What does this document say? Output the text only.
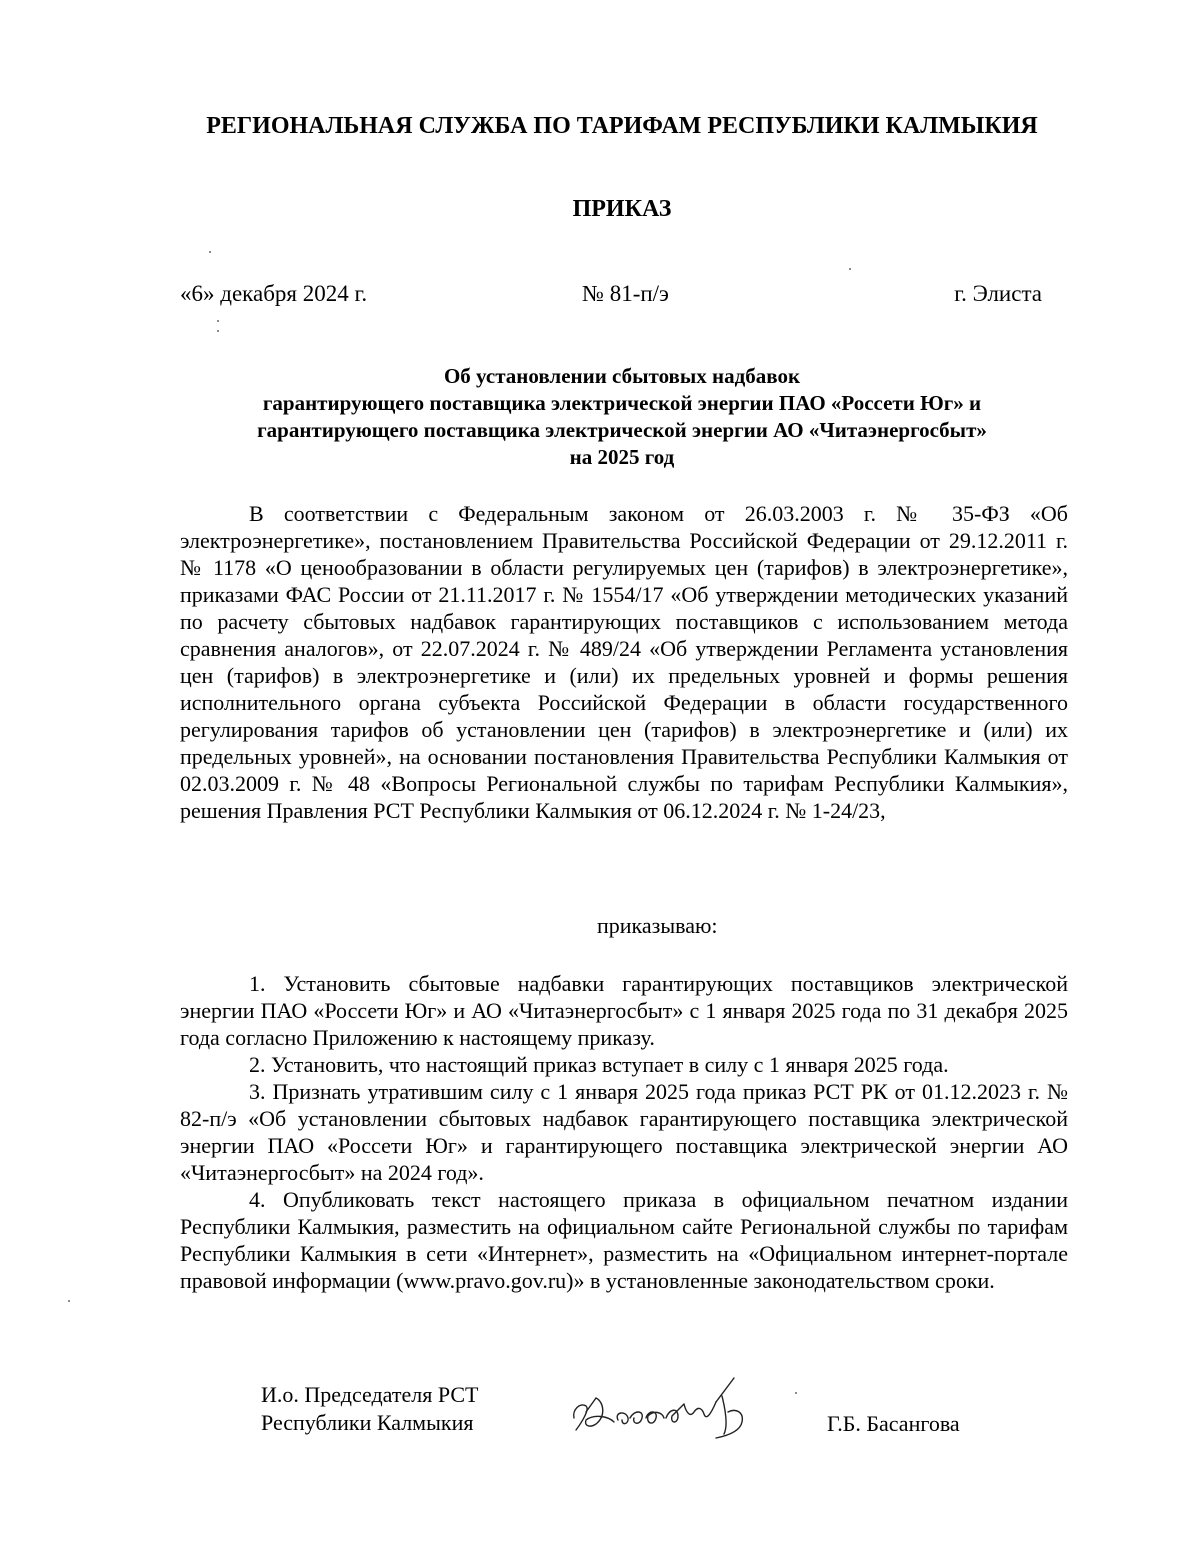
РЕГИОНАЛЬНАЯ СЛУЖБА ПО ТАРИФАМ РЕСПУБЛИКИ КАЛМЫКИЯ
ПРИКАЗ
«6» декабря 2024 г.	№ 81-п/э	г. Элиста
Об установлении сбытовых надбавок
гарантирующего поставщика электрической энергии ПАО «Россети Юг» и
гарантирующего поставщика электрической энергии АО «Читаэнергосбыт»
на 2025 год
В соответствии с Федеральным законом от 26.03.2003 г. № 35-ФЗ «Об электроэнергетике», постановлением Правительства Российской Федерации от 29.12.2011 г. № 1178 «О ценообразовании в области регулируемых цен (тарифов) в электроэнергетике», приказами ФАС России от 21.11.2017 г. № 1554/17 «Об утверждении методических указаний по расчету сбытовых надбавок гарантирующих поставщиков с использованием метода сравнения аналогов», от 22.07.2024 г. № 489/24 «Об утверждении Регламента установления цен (тарифов) в электроэнергетике и (или) их предельных уровней и формы решения исполнительного органа субъекта Российской Федерации в области государственного регулирования тарифов об установлении цен (тарифов) в электроэнергетике и (или) их предельных уровней», на основании постановления Правительства Республики Калмыкия от 02.03.2009 г. № 48 «Вопросы Региональной службы по тарифам Республики Калмыкия», решения Правления РСТ Республики Калмыкия от 06.12.2024 г. № 1-24/23,
приказываю:
1. Установить сбытовые надбавки гарантирующих поставщиков электрической энергии ПАО «Россети Юг» и АО «Читаэнергосбыт» с 1 января 2025 года по 31 декабря 2025 года согласно Приложению к настоящему приказу.
2. Установить, что настоящий приказ вступает в силу с 1 января 2025 года.
3. Признать утратившим силу с 1 января 2025 года приказ РСТ РК от 01.12.2023 г. № 82-п/э «Об установлении сбытовых надбавок гарантирующего поставщика электрической энергии ПАО «Россети Юг» и гарантирующего поставщика электрической энергии АО «Читаэнергосбыт» на 2024 год».
4. Опубликовать текст настоящего приказа в официальном печатном издании Республики Калмыкия, разместить на официальном сайте Региональной службы по тарифам Республики Калмыкия в сети «Интернет», разместить на «Официальном интернет-портале правовой информации (www.pravo.gov.ru)» в установленные законодательством сроки.
И.о. Председателя РСТ
Республики Калмыкия	Г.Б. Басангова
